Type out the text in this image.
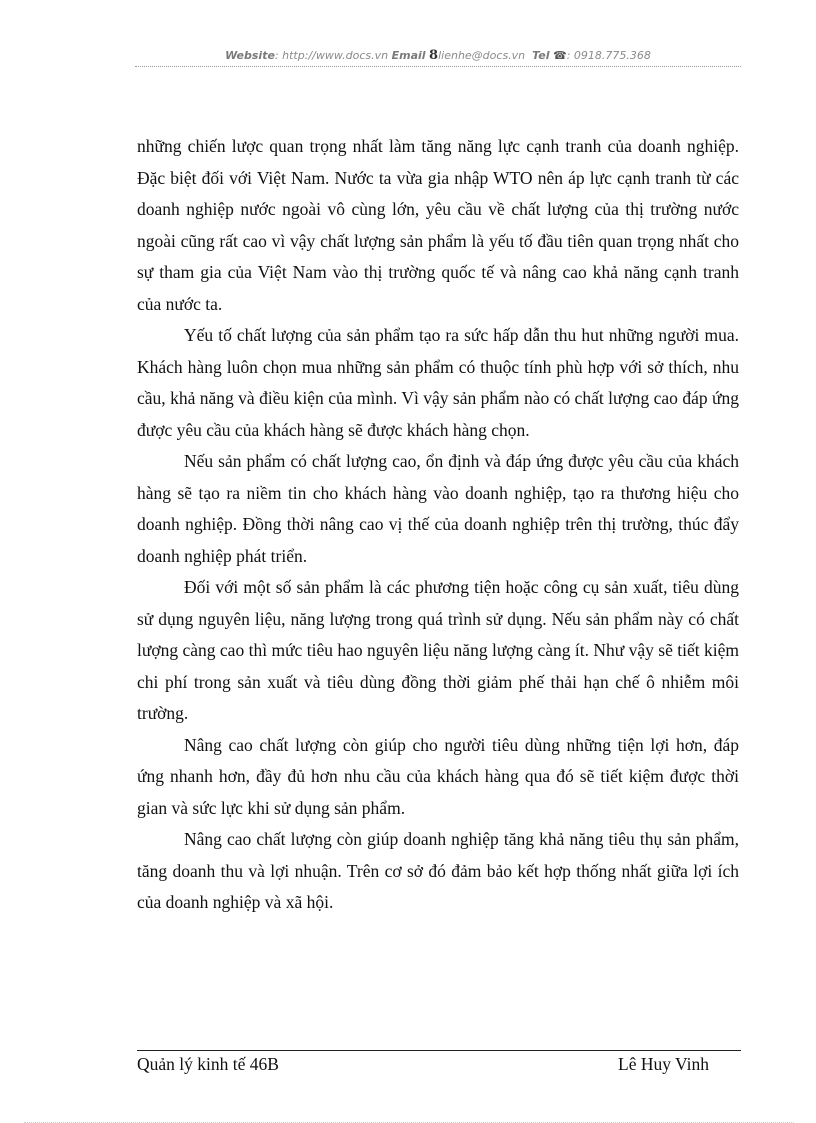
Website: http://www.docs.vn Email 8lienhe@docs.vn Tel ☎: 0918.775.368

những chiến lược quan trọng nhất làm tăng năng lực cạnh tranh của doanh nghiệp. Đặc biệt đối với Việt Nam. Nước ta vừa gia nhập WTO nên áp lực cạnh tranh từ các doanh nghiệp nước ngoài vô cùng lớn, yêu cầu về chất lượng của thị trường nước ngoài cũng rất cao vì vậy chất lượng sản phẩm là yếu tố đầu tiên quan trọng nhất cho sự tham gia của Việt Nam vào thị trường quốc tế và nâng cao khả năng cạnh tranh của nước ta.

Yếu tố chất lượng của sản phẩm tạo ra sức hấp dẫn thu hut những người mua. Khách hàng luôn chọn mua những sản phẩm có thuộc tính phù hợp với sở thích, nhu cầu, khả năng và điều kiện của mình. Vì vậy sản phẩm nào có chất lượng cao đáp ứng được yêu cầu của khách hàng sẽ được khách hàng chọn.

Nếu sản phẩm có chất lượng cao, ổn định và đáp ứng được yêu cầu của khách hàng sẽ tạo ra niềm tin cho khách hàng vào doanh nghiệp, tạo ra thương hiệu cho doanh nghiệp. Đồng thời nâng cao vị thế của doanh nghiệp trên thị trường, thúc đẩy doanh nghiệp phát triển.

Đối với một số sản phẩm là các phương tiện hoặc công cụ sản xuất, tiêu dùng sử dụng nguyên liệu, năng lượng trong quá trình sử dụng. Nếu sản phẩm này có chất lượng càng cao thì mức tiêu hao nguyên liệu năng lượng càng ít. Như vậy sẽ tiết kiệm chi phí trong sản xuất và tiêu dùng đồng thời giảm phế thải hạn chế ô nhiễm môi trường.

Nâng cao chất lượng còn giúp cho người tiêu dùng những tiện lợi hơn, đáp ứng nhanh hơn, đầy đủ hơn nhu cầu của khách hàng qua đó sẽ tiết kiệm được thời gian và sức lực khi sử dụng sản phẩm.

Nâng cao chất lượng còn giúp doanh nghiệp tăng khả năng tiêu thụ sản phẩm, tăng doanh thu và lợi nhuận. Trên cơ sở đó đảm bảo kết hợp thống nhất giữa lợi ích của doanh nghiệp và xã hội.

Quản lý kinh tế 46B	Lê Huy Vinh
